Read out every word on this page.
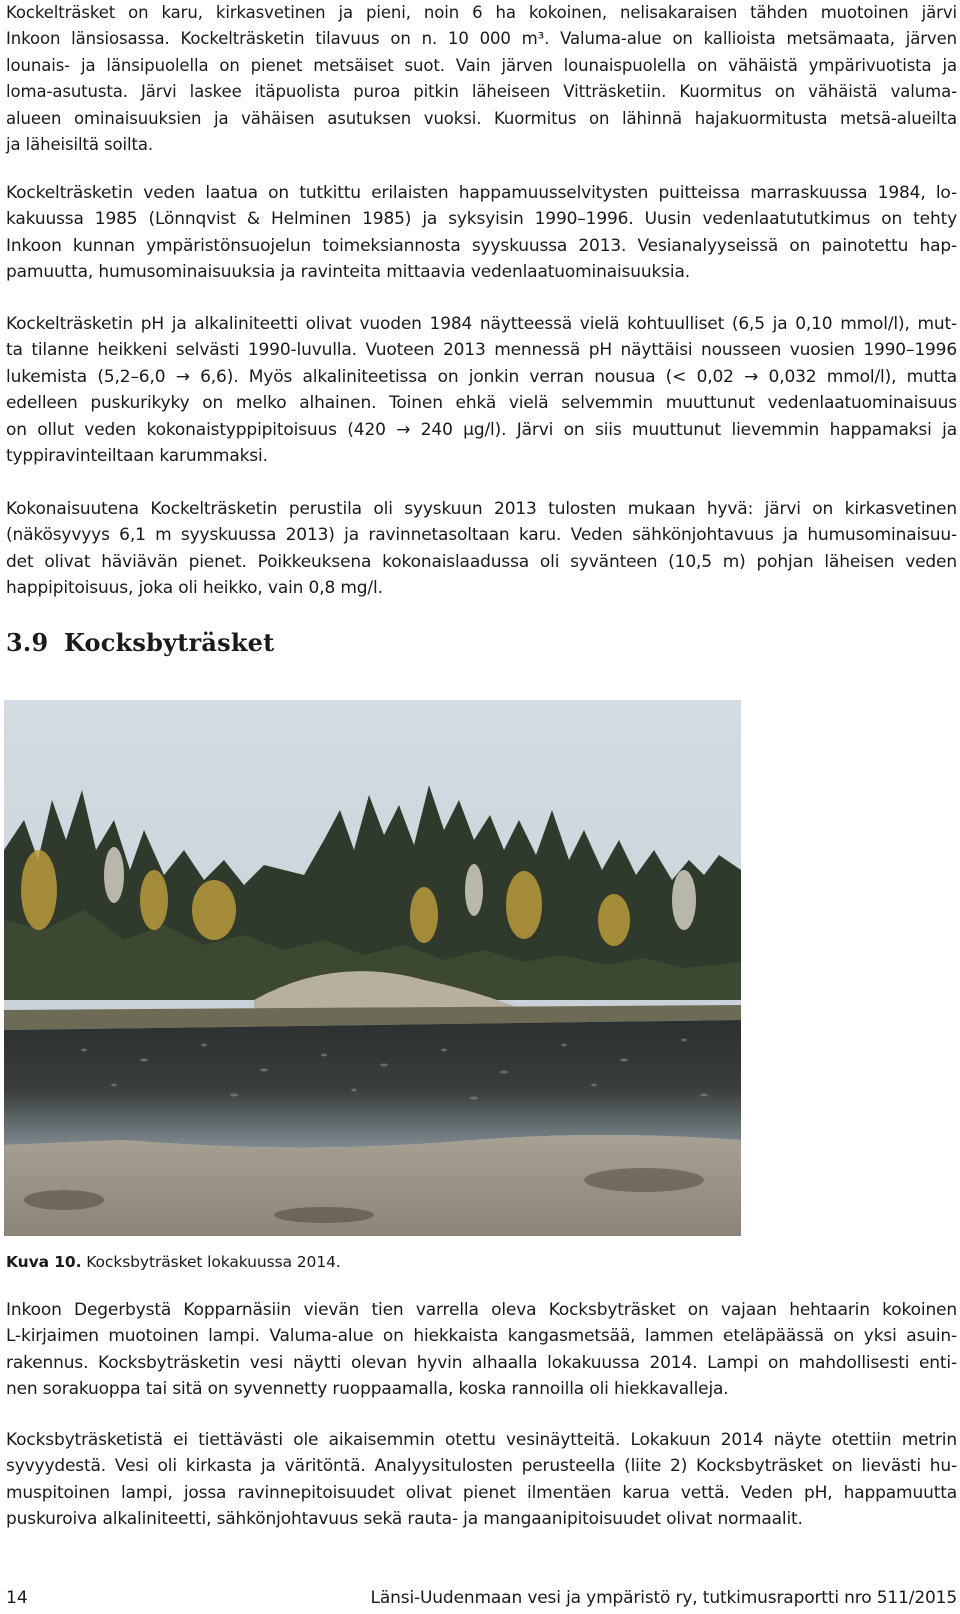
Kockelträsket on karu, kirkasvetinen ja pieni, noin 6 ha kokoinen, nelisakaraisen tähden muotoinen järvi
Inkoon länsiosassa. Kockelträsketin tilavuus on n. 10 000 m³. Valuma-alue on kallioista metsämaata, järven
lounais- ja länsipuolella on pienet metsäiset suot. Vain järven lounaispuolella on vähäistä ympärivuotista ja
loma-asutusta. Järvi laskee itäpuolista puroa pitkin läheiseen Vitträsketiin. Kuormitus on vähäistä valuma-
alueen ominaisuuksien ja vähäisen asutuksen vuoksi. Kuormitus on lähinnä hajakuormitusta metsä-alueilta
ja läheisiltä soilta.
Kockelträsketin veden laatua on tutkittu erilaisten happamuusselvitysten puitteissa marraskuussa 1984, lo-
kakuussa 1985 (Lönnqvist & Helminen 1985) ja syksyisin 1990–1996. Uusin vedenlaatututkimus on tehty
Inkoon kunnan ympäristönsuojelun toimeksiannosta syyskuussa 2013. Vesianalyyseissä on painotettu hap-
pamuutta, humusominaisuuksia ja ravinteita mittaavia vedenlaatuominaisuuksia.
Kockelträsketin pH ja alkaliniteetti olivat vuoden 1984 näytteessä vielä kohtuulliset (6,5 ja 0,10 mmol/l), mut-
ta tilanne heikkeni selvästi 1990-luvulla. Vuoteen 2013 mennessä pH näyttäisi nousseen vuosien 1990–1996
lukemista (5,2–6,0 → 6,6). Myös alkaliniteetissa on jonkin verran nousua (< 0,02 → 0,032 mmol/l), mutta
edelleen puskurikyky on melko alhainen. Toinen ehkä vielä selvemmin muuttunut vedenlaatuominaisuus
on ollut veden kokonaistyppipitoisuus (420 → 240 µg/l). Järvi on siis muuttunut lievemmin happamaksi ja
typpiravinteiltaan karummaksi.
Kokonaisuutena Kockelträsketin perustila oli syyskuun 2013 tulosten mukaan hyvä: järvi on kirkasvetinen
(näkösyvyys 6,1 m syyskuussa 2013) ja ravinnetasoltaan karu. Veden sähkönjohtavuus ja humusominaisuu-
det olivat häviävän pienet. Poikkeuksena kokonaislaadussa oli syvänteen (10,5 m) pohjan läheisen veden
happipitoisuus, joka oli heikko, vain 0,8 mg/l.
3.9 Kocksbyträsket

Kuva 10. Kocksbyträsket lokakuussa 2014.

Inkoon Degerbystä Kopparnäsiin vievän tien varrella oleva Kocksbyträsket on vajaan hehtaarin kokoinen
L-kirjaimen muotoinen lampi. Valuma-alue on hiekkaista kangasmetsää, lammen eteläpäässä on yksi asuin-
rakennus. Kocksbyträsketin vesi näytti olevan hyvin alhaalla lokakuussa 2014. Lampi on mahdollisesti enti-
nen sorakuoppa tai sitä on syvennetty ruoppaamalla, koska rannoilla oli hiekkavalleja.
Kocksbyträsketistä ei tiettävästi ole aikaisemmin otettu vesinäytteitä. Lokakuun 2014 näyte otettiin metrin
syvyydestä. Vesi oli kirkasta ja väritöntä. Analyysitulosten perusteella (liite 2) Kocksbyträsket on lievästi hu-
muspitoinen lampi, jossa ravinnepitoisuudet olivat pienet ilmentäen karua vettä. Veden pH, happamuutta
puskuroiva alkaliniteetti, sähkönjohtavuus sekä rauta- ja mangaanipitoisuudet olivat normaalit.
14	Länsi-Uudenmaan vesi ja ympäristö ry, tutkimusraportti nro 511/2015
